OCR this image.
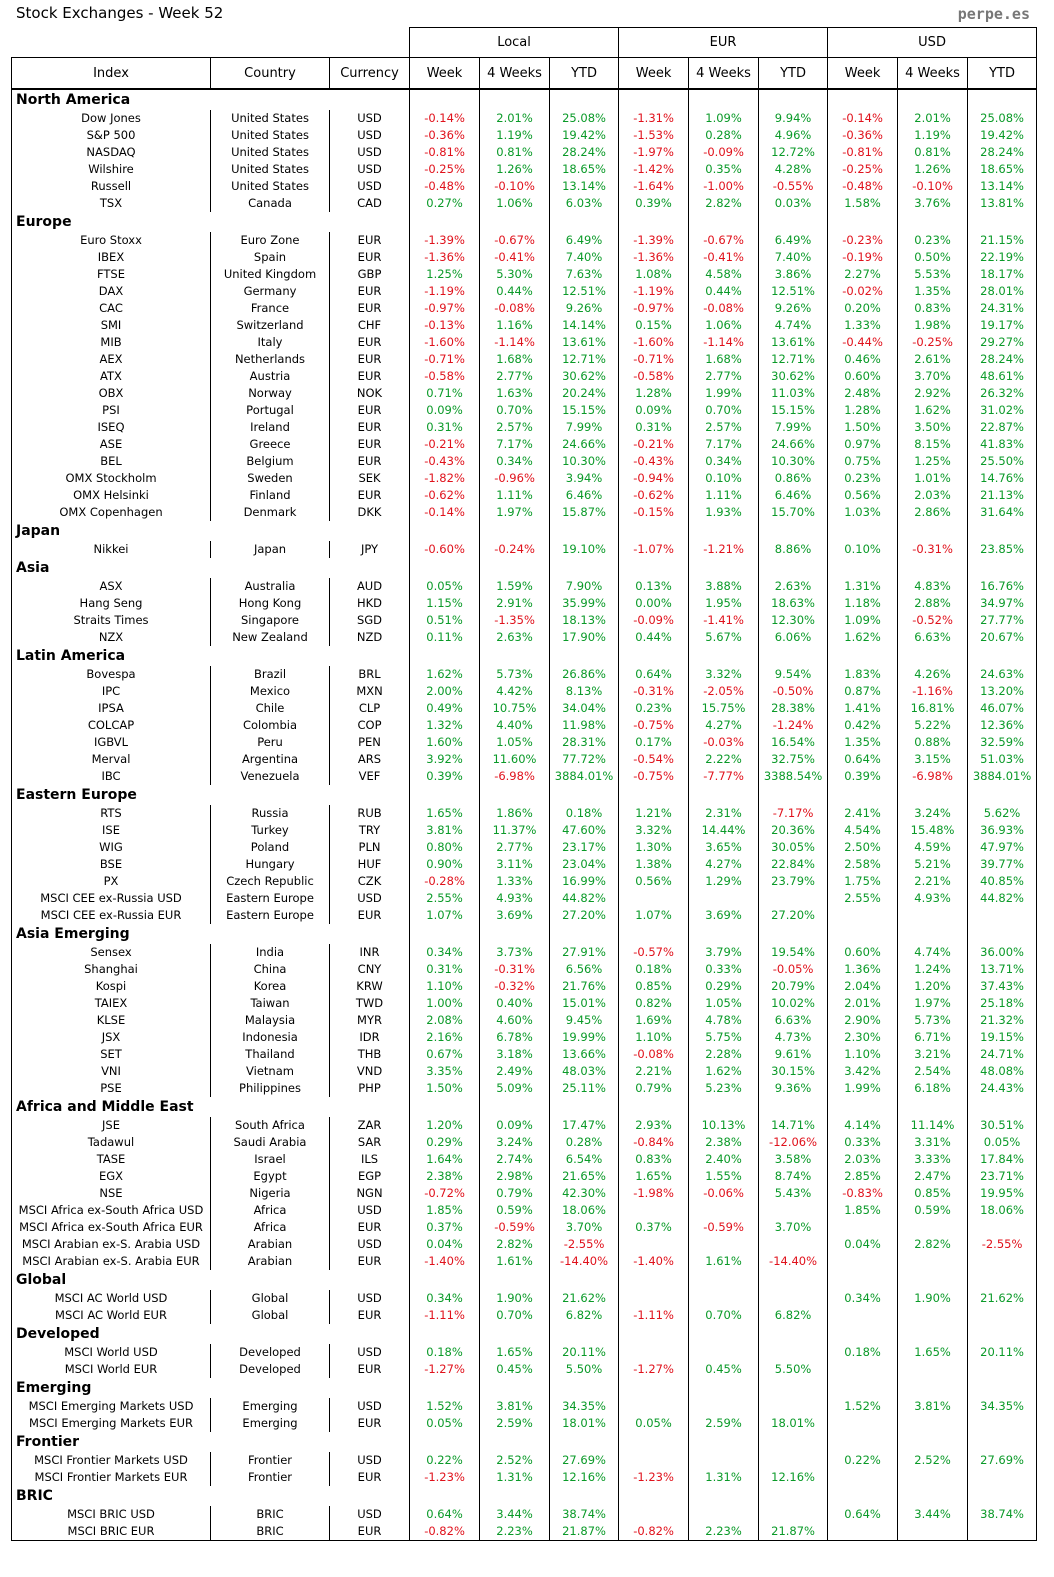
Stock Exchanges - Week 52	perpe.es
			Local			EUR			USD		
Index	Country	Currency	Week	4 Weeks	YTD	Week	4 Weeks	YTD	Week	4 Weeks	YTD
North America											
Dow Jones	United States	USD	-0.14%	2.01%	25.08%	-1.31%	1.09%	9.94%	-0.14%	2.01%	25.08%
S&P 500	United States	USD	-0.36%	1.19%	19.42%	-1.53%	0.28%	4.96%	-0.36%	1.19%	19.42%
NASDAQ	United States	USD	-0.81%	0.81%	28.24%	-1.97%	-0.09%	12.72%	-0.81%	0.81%	28.24%
Wilshire	United States	USD	-0.25%	1.26%	18.65%	-1.42%	0.35%	4.28%	-0.25%	1.26%	18.65%
Russell	United States	USD	-0.48%	-0.10%	13.14%	-1.64%	-1.00%	-0.55%	-0.48%	-0.10%	13.14%
TSX	Canada	CAD	0.27%	1.06%	6.03%	0.39%	2.82%	0.03%	1.58%	3.76%	13.81%
Europe											
Euro Stoxx	Euro Zone	EUR	-1.39%	-0.67%	6.49%	-1.39%	-0.67%	6.49%	-0.23%	0.23%	21.15%
IBEX	Spain	EUR	-1.36%	-0.41%	7.40%	-1.36%	-0.41%	7.40%	-0.19%	0.50%	22.19%
FTSE	United Kingdom	GBP	1.25%	5.30%	7.63%	1.08%	4.58%	3.86%	2.27%	5.53%	18.17%
DAX	Germany	EUR	-1.19%	0.44%	12.51%	-1.19%	0.44%	12.51%	-0.02%	1.35%	28.01%
CAC	France	EUR	-0.97%	-0.08%	9.26%	-0.97%	-0.08%	9.26%	0.20%	0.83%	24.31%
SMI	Switzerland	CHF	-0.13%	1.16%	14.14%	0.15%	1.06%	4.74%	1.33%	1.98%	19.17%
MIB	Italy	EUR	-1.60%	-1.14%	13.61%	-1.60%	-1.14%	13.61%	-0.44%	-0.25%	29.27%
AEX	Netherlands	EUR	-0.71%	1.68%	12.71%	-0.71%	1.68%	12.71%	0.46%	2.61%	28.24%
ATX	Austria	EUR	-0.58%	2.77%	30.62%	-0.58%	2.77%	30.62%	0.60%	3.70%	48.61%
OBX	Norway	NOK	0.71%	1.63%	20.24%	1.28%	1.99%	11.03%	2.48%	2.92%	26.32%
PSI	Portugal	EUR	0.09%	0.70%	15.15%	0.09%	0.70%	15.15%	1.28%	1.62%	31.02%
ISEQ	Ireland	EUR	0.31%	2.57%	7.99%	0.31%	2.57%	7.99%	1.50%	3.50%	22.87%
ASE	Greece	EUR	-0.21%	7.17%	24.66%	-0.21%	7.17%	24.66%	0.97%	8.15%	41.83%
BEL	Belgium	EUR	-0.43%	0.34%	10.30%	-0.43%	0.34%	10.30%	0.75%	1.25%	25.50%
OMX Stockholm	Sweden	SEK	-1.82%	-0.96%	3.94%	-0.94%	0.10%	0.86%	0.23%	1.01%	14.76%
OMX Helsinki	Finland	EUR	-0.62%	1.11%	6.46%	-0.62%	1.11%	6.46%	0.56%	2.03%	21.13%
OMX Copenhagen	Denmark	DKK	-0.14%	1.97%	15.87%	-0.15%	1.93%	15.70%	1.03%	2.86%	31.64%
Japan											
Nikkei	Japan	JPY	-0.60%	-0.24%	19.10%	-1.07%	-1.21%	8.86%	0.10%	-0.31%	23.85%
Asia											
ASX	Australia	AUD	0.05%	1.59%	7.90%	0.13%	3.88%	2.63%	1.31%	4.83%	16.76%
Hang Seng	Hong Kong	HKD	1.15%	2.91%	35.99%	0.00%	1.95%	18.63%	1.18%	2.88%	34.97%
Straits Times	Singapore	SGD	0.51%	-1.35%	18.13%	-0.09%	-1.41%	12.30%	1.09%	-0.52%	27.77%
NZX	New Zealand	NZD	0.11%	2.63%	17.90%	0.44%	5.67%	6.06%	1.62%	6.63%	20.67%
Latin America											
Bovespa	Brazil	BRL	1.62%	5.73%	26.86%	0.64%	3.32%	9.54%	1.83%	4.26%	24.63%
IPC	Mexico	MXN	2.00%	4.42%	8.13%	-0.31%	-2.05%	-0.50%	0.87%	-1.16%	13.20%
IPSA	Chile	CLP	0.49%	10.75%	34.04%	0.23%	15.75%	28.38%	1.41%	16.81%	46.07%
COLCAP	Colombia	COP	1.32%	4.40%	11.98%	-0.75%	4.27%	-1.24%	0.42%	5.22%	12.36%
IGBVL	Peru	PEN	1.60%	1.05%	28.31%	0.17%	-0.03%	16.54%	1.35%	0.88%	32.59%
Merval	Argentina	ARS	3.92%	11.60%	77.72%	-0.54%	2.22%	32.75%	0.64%	3.15%	51.03%
IBC	Venezuela	VEF	0.39%	-6.98%	3884.01%	-0.75%	-7.77%	3388.54%	0.39%	-6.98%	3884.01%
Eastern Europe											
RTS	Russia	RUB	1.65%	1.86%	0.18%	1.21%	2.31%	-7.17%	2.41%	3.24%	5.62%
ISE	Turkey	TRY	3.81%	11.37%	47.60%	3.32%	14.44%	20.36%	4.54%	15.48%	36.93%
WIG	Poland	PLN	0.80%	2.77%	23.17%	1.30%	3.65%	30.05%	2.50%	4.59%	47.97%
BSE	Hungary	HUF	0.90%	3.11%	23.04%	1.38%	4.27%	22.84%	2.58%	5.21%	39.77%
PX	Czech Republic	CZK	-0.28%	1.33%	16.99%	0.56%	1.29%	23.79%	1.75%	2.21%	40.85%
MSCI CEE ex-Russia USD	Eastern Europe	USD	2.55%	4.93%	44.82%				2.55%	4.93%	44.82%
MSCI CEE ex-Russia EUR	Eastern Europe	EUR	1.07%	3.69%	27.20%	1.07%	3.69%	27.20%			
Asia Emerging											
Sensex	India	INR	0.34%	3.73%	27.91%	-0.57%	3.79%	19.54%	0.60%	4.74%	36.00%
Shanghai	China	CNY	0.31%	-0.31%	6.56%	0.18%	0.33%	-0.05%	1.36%	1.24%	13.71%
Kospi	Korea	KRW	1.10%	-0.32%	21.76%	0.85%	0.29%	20.79%	2.04%	1.20%	37.43%
TAIEX	Taiwan	TWD	1.00%	0.40%	15.01%	0.82%	1.05%	10.02%	2.01%	1.97%	25.18%
KLSE	Malaysia	MYR	2.08%	4.60%	9.45%	1.69%	4.78%	6.63%	2.90%	5.73%	21.32%
JSX	Indonesia	IDR	2.16%	6.78%	19.99%	1.10%	5.75%	4.73%	2.30%	6.71%	19.15%
SET	Thailand	THB	0.67%	3.18%	13.66%	-0.08%	2.28%	9.61%	1.10%	3.21%	24.71%
VNI	Vietnam	VND	3.35%	2.49%	48.03%	2.21%	1.62%	30.15%	3.42%	2.54%	48.08%
PSE	Philippines	PHP	1.50%	5.09%	25.11%	0.79%	5.23%	9.36%	1.99%	6.18%	24.43%
Africa and Middle East											
JSE	South Africa	ZAR	1.20%	0.09%	17.47%	2.93%	10.13%	14.71%	4.14%	11.14%	30.51%
Tadawul	Saudi Arabia	SAR	0.29%	3.24%	0.28%	-0.84%	2.38%	-12.06%	0.33%	3.31%	0.05%
TASE	Israel	ILS	1.64%	2.74%	6.54%	0.83%	2.40%	3.58%	2.03%	3.33%	17.84%
EGX	Egypt	EGP	2.38%	2.98%	21.65%	1.65%	1.55%	8.74%	2.85%	2.47%	23.71%
NSE	Nigeria	NGN	-0.72%	0.79%	42.30%	-1.98%	-0.06%	5.43%	-0.83%	0.85%	19.95%
MSCI Africa ex-South Africa USD	Africa	USD	1.85%	0.59%	18.06%				1.85%	0.59%	18.06%
MSCI Africa ex-South Africa EUR	Africa	EUR	0.37%	-0.59%	3.70%	0.37%	-0.59%	3.70%			
MSCI Arabian ex-S. Arabia USD	Arabian	USD	0.04%	2.82%	-2.55%				0.04%	2.82%	-2.55%
MSCI Arabian ex-S. Arabia EUR	Arabian	EUR	-1.40%	1.61%	-14.40%	-1.40%	1.61%	-14.40%			
Global											
MSCI AC World USD	Global	USD	0.34%	1.90%	21.62%				0.34%	1.90%	21.62%
MSCI AC World EUR	Global	EUR	-1.11%	0.70%	6.82%	-1.11%	0.70%	6.82%			
Developed											
MSCI World USD	Developed	USD	0.18%	1.65%	20.11%				0.18%	1.65%	20.11%
MSCI World EUR	Developed	EUR	-1.27%	0.45%	5.50%	-1.27%	0.45%	5.50%			
Emerging											
MSCI Emerging Markets USD	Emerging	USD	1.52%	3.81%	34.35%				1.52%	3.81%	34.35%
MSCI Emerging Markets EUR	Emerging	EUR	0.05%	2.59%	18.01%	0.05%	2.59%	18.01%			
Frontier											
MSCI Frontier Markets USD	Frontier	USD	0.22%	2.52%	27.69%				0.22%	2.52%	27.69%
MSCI Frontier Markets EUR	Frontier	EUR	-1.23%	1.31%	12.16%	-1.23%	1.31%	12.16%			
BRIC											
MSCI BRIC USD	BRIC	USD	0.64%	3.44%	38.74%				0.64%	3.44%	38.74%
MSCI BRIC EUR	BRIC	EUR	-0.82%	2.23%	21.87%	-0.82%	2.23%	21.87%			
